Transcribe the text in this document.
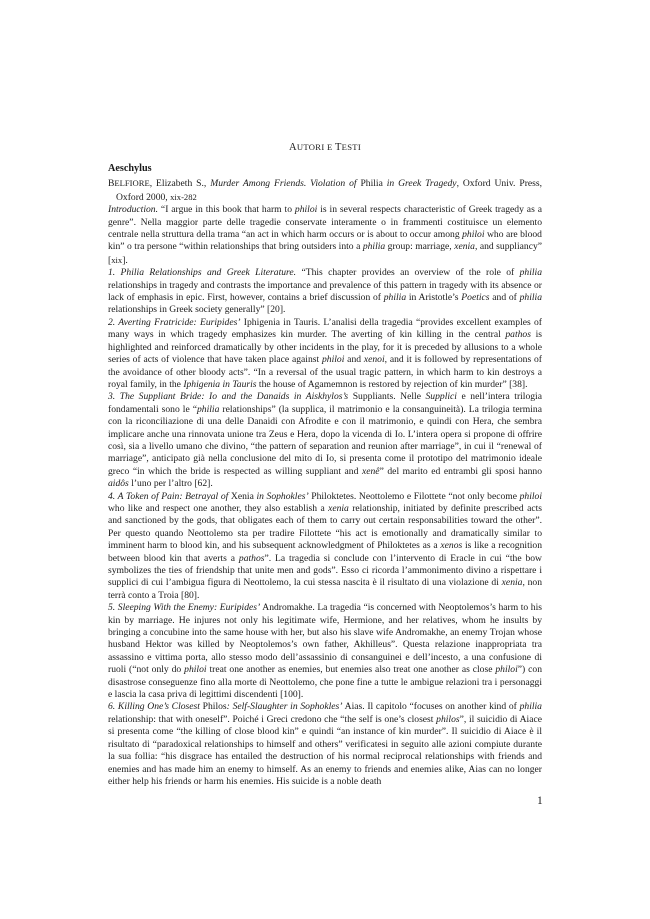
AUTORI E TESTI
Aeschylus

BELFIORE, Elizabeth S., Murder Among Friends. Violation of Philia in Greek Tragedy, Oxford Univ. Press, Oxford 2000, xix-282

Introduction. “I argue in this book that harm to philoi is in several respects characteristic of Greek tragedy as a genre”. Nella maggior parte delle tragedie conservate interamente o in frammenti costituisce un elemento centrale nella struttura della trama “an act in which harm occurs or is about to occur among philoi who are blood kin” o tra persone “within relationships that bring outsiders into a philia group: marriage, xenia, and suppliancy” [xix].

1. Philia Relationships and Greek Literature. “This chapter provides an overview of the role of philia relationships in tragedy and contrasts the importance and prevalence of this pattern in tragedy with its absence or lack of emphasis in epic. First, however, contains a brief discussion of philia in Aristotle’s Poetics and of philia relationships in Greek society generally” [20].

2. Averting Fratricide: Euripides’ Iphigenia in Tauris. L’analisi della tragedia “provides excellent examples of many ways in which tragedy emphasizes kin murder. The averting of kin killing in the central pathos is highlighted and reinforced dramatically by other incidents in the play, for it is preceded by allusions to a whole series of acts of violence that have taken place against philoi and xenoi, and it is followed by representations of the avoidance of other bloody acts”. “In a reversal of the usual tragic pattern, in which harm to kin destroys a royal family, in the Iphigenia in Tauris the house of Agamemnon is restored by rejection of kin murder” [38].

3. The Suppliant Bride: Io and the Danaids in Aiskhylos’s Suppliants. Nelle Supplici e nell’intera trilogia fondamentali sono le “philia relationships” (la supplica, il matrimonio e la consanguineità). La trilogia termina con la riconciliazione di una delle Danaidi con Afrodite e con il matrimonio, e quindi con Hera, che sembra implicare anche una rinnovata unione tra Zeus e Hera, dopo la vicenda di Io. L’intera opera si propone di offrire così, sia a livello umano che divino, “the pattern of separation and reunion after marriage”, in cui il “renewal of marriage”, anticipato già nella conclusione del mito di Io, si presenta come il prototipo del matrimonio ideale greco “in which the bride is respected as willing suppliant and xenê” del marito ed entrambi gli sposi hanno aidôs l’uno per l’altro [62].

4. A Token of Pain: Betrayal of Xenia in Sophokles’ Philoktetes. Neottolemo e Filottete “not only become philoi who like and respect one another, they also establish a xenia relationship, initiated by definite prescribed acts and sanctioned by the gods, that obligates each of them to carry out certain responsabilities toward the other”. Per questo quando Neottolemo sta per tradire Filottete “his act is emotionally and dramatically similar to imminent harm to blood kin, and his subsequent acknowledgment of Philoktetes as a xenos is like a recognition between blood kin that averts a pathos”. La tragedia si conclude con l’intervento di Eracle in cui “the bow symbolizes the ties of friendship that unite men and gods”. Esso ci ricorda l’ammonimento divino a rispettare i supplici di cui l’ambigua figura di Neottolemo, la cui stessa nascita è il risultato di una violazione di xenia, non terrà conto a Troia [80].

5. Sleeping With the Enemy: Euripides’ Andromakhe. La tragedia “is concerned with Neoptolemos’s harm to his kin by marriage. He injures not only his legitimate wife, Hermione, and her relatives, whom he insults by bringing a concubine into the same house with her, but also his slave wife Andromakhe, an enemy Trojan whose husband Hektor was killed by Neoptolemos’s own father, Akhilleus”. Questa relazione inappropriata tra assassino e vittima porta, allo stesso modo dell’assassinio di consanguinei e dell’incesto, a una confusione di ruoli (“not only do philoi treat one another as enemies, but enemies also treat one another as close philoi”) con disastrose conseguenze fino alla morte di Neottolemo, che pone fine a tutte le ambigue relazioni tra i personaggi e lascia la casa priva di legittimi discendenti [100].

6. Killing One’s Closest Philos: Self-Slaughter in Sophokles’ Aias. Il capitolo “focuses on another kind of philia relationship: that with oneself”. Poiché i Greci credono che “the self is one’s closest philos”, il suicidio di Aiace si presenta come “the killing of close blood kin” e quindi “an instance of kin murder”. Il suicidio di Aiace è il risultato di “paradoxical relationships to himself and others” verificatesi in seguito alle azioni compiute durante la sua follia: “his disgrace has entailed the destruction of his normal reciprocal relationships with friends and enemies and has made him an enemy to himself. As an enemy to friends and enemies alike, Aias can no longer either help his friends or harm his enemies. His suicide is a noble death

1
